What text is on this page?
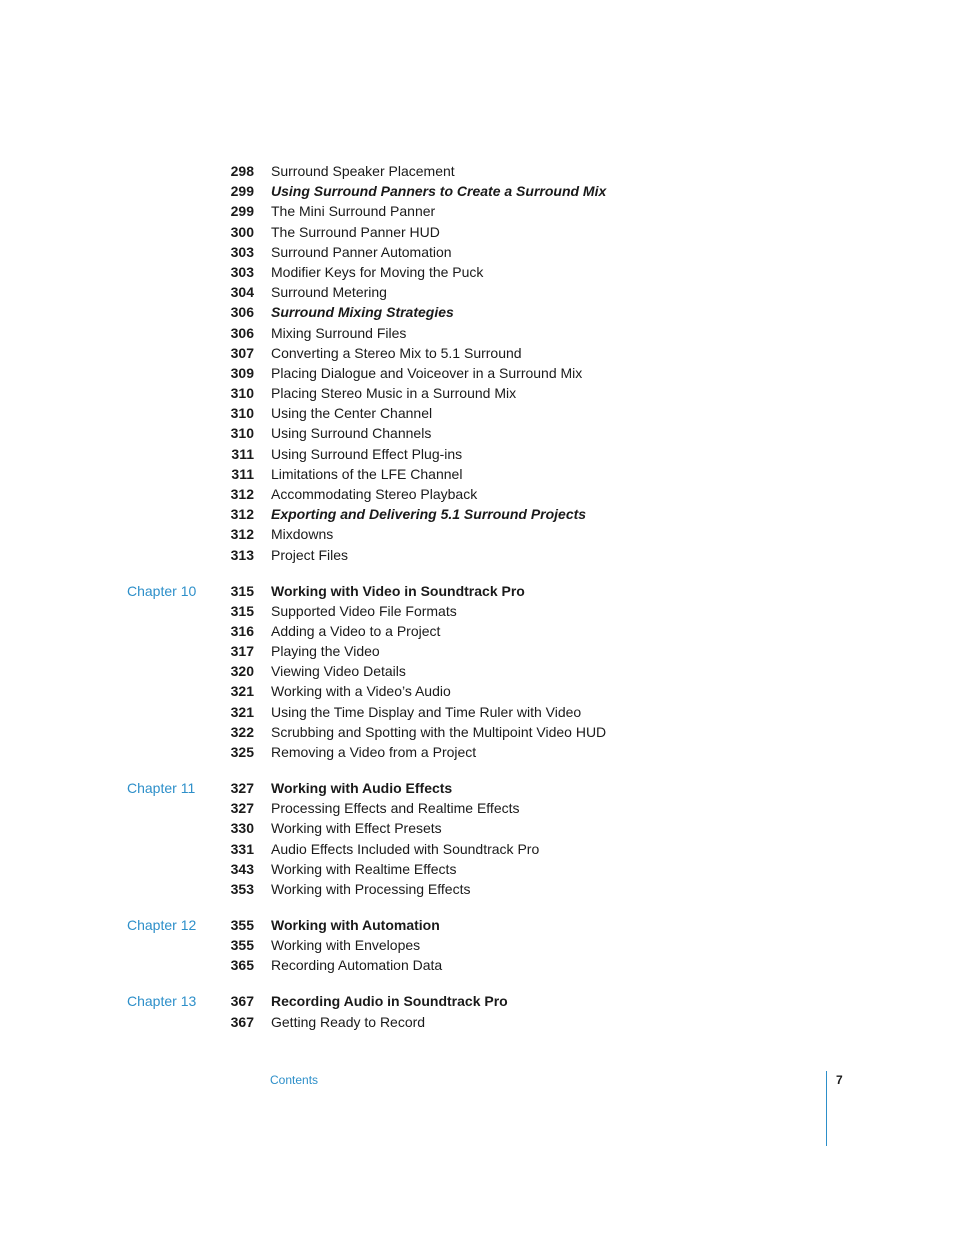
298 Surround Speaker Placement
299 Using Surround Panners to Create a Surround Mix
299 The Mini Surround Panner
300 The Surround Panner HUD
303 Surround Panner Automation
303 Modifier Keys for Moving the Puck
304 Surround Metering
306 Surround Mixing Strategies
306 Mixing Surround Files
307 Converting a Stereo Mix to 5.1 Surround
309 Placing Dialogue and Voiceover in a Surround Mix
310 Placing Stereo Music in a Surround Mix
310 Using the Center Channel
310 Using Surround Channels
311 Using Surround Effect Plug-ins
311 Limitations of the LFE Channel
312 Accommodating Stereo Playback
312 Exporting and Delivering 5.1 Surround Projects
312 Mixdowns
313 Project Files
Chapter 10 315 Working with Video in Soundtrack Pro
315 Supported Video File Formats
316 Adding a Video to a Project
317 Playing the Video
320 Viewing Video Details
321 Working with a Video’s Audio
321 Using the Time Display and Time Ruler with Video
322 Scrubbing and Spotting with the Multipoint Video HUD
325 Removing a Video from a Project
Chapter 11	327 Working with Audio Effects
327 Processing Effects and Realtime Effects
330 Working with Effect Presets
331 Audio Effects Included with Soundtrack Pro
343 Working with Realtime Effects
353 Working with Processing Effects
Chapter 12 355 Working with Automation
355 Working with Envelopes
365 Recording Automation Data
Chapter 13 367 Recording Audio in Soundtrack Pro
367 Getting Ready to Record
Contents	7
